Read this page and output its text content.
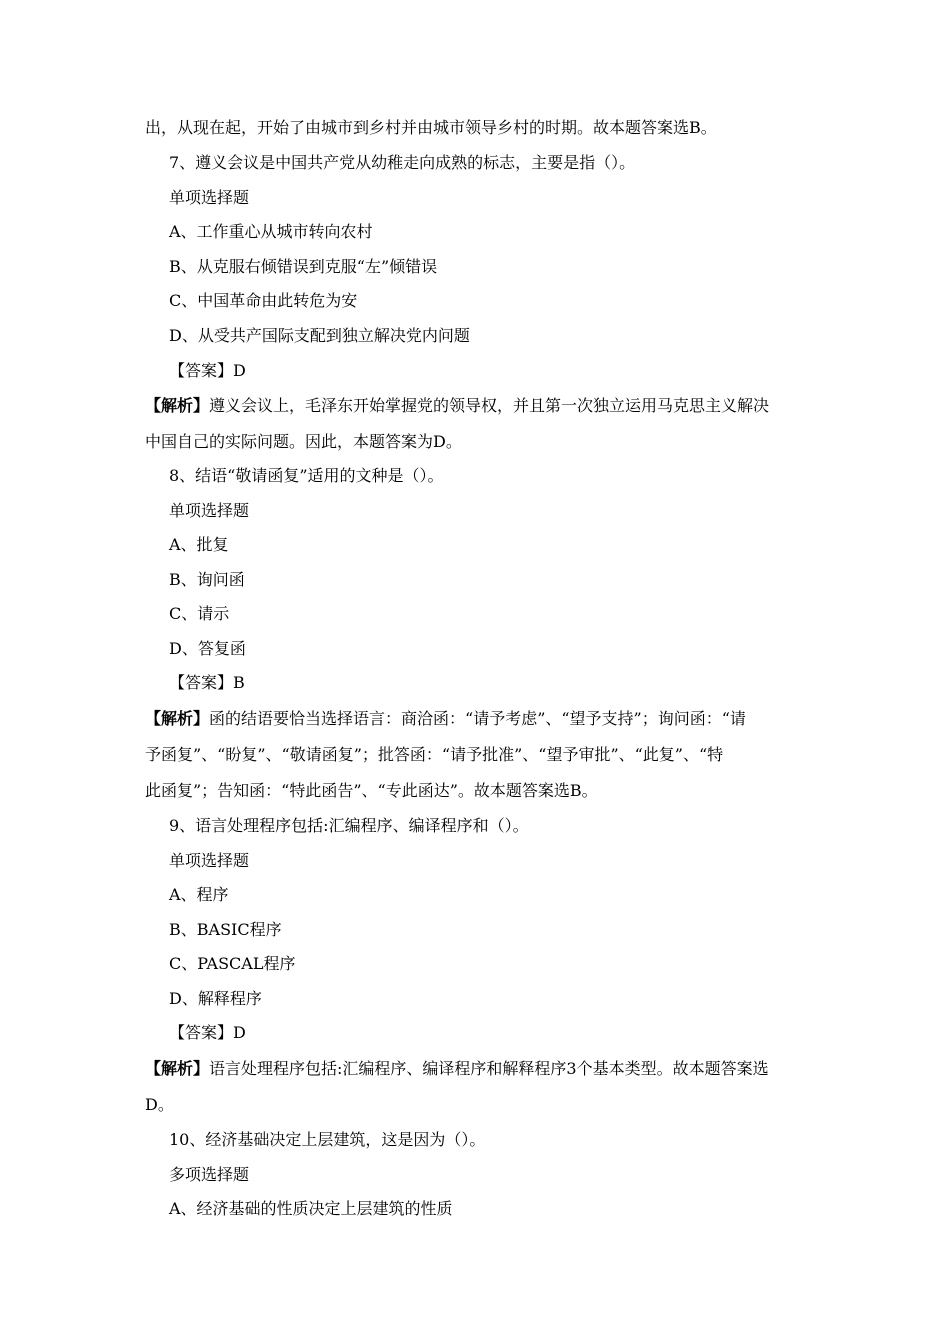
出，从现在起，开始了由城市到乡村并由城市领导乡村的时期。故本题答案选B。
7、遵义会议是中国共产党从幼稚走向成熟的标志，主要是指（）。
单项选择题
A、工作重心从城市转向农村
B、从克服右倾错误到克服“左”倾错误
C、中国革命由此转危为安
D、从受共产国际支配到独立解决党内问题
【答案】D
【解析】遵义会议上，毛泽东开始掌握党的领导权，并且第一次独立运用马克思主义解决
中国自己的实际问题。因此，本题答案为D。
8、结语“敬请函复”适用的文种是（）。
单项选择题
A、批复
B、询问函
C、请示
D、答复函
【答案】B
【解析】函的结语要恰当选择语言：商洽函：“请予考虑”、“望予支持”；询问函：“请
予函复”、“盼复”、“敬请函复”；批答函：“请予批准”、“望予审批”、“此复”、“特
此函复”；告知函：“特此函告”、“专此函达”。故本题答案选B。
9、语言处理程序包括:汇编程序、编译程序和（）。
单项选择题
A、程序
B、BASIC程序
C、PASCAL程序
D、解释程序
【答案】D
【解析】语言处理程序包括:汇编程序、编译程序和解释程序3个基本类型。故本题答案选
D。
10、经济基础决定上层建筑，这是因为（）。
多项选择题
A、经济基础的性质决定上层建筑的性质
